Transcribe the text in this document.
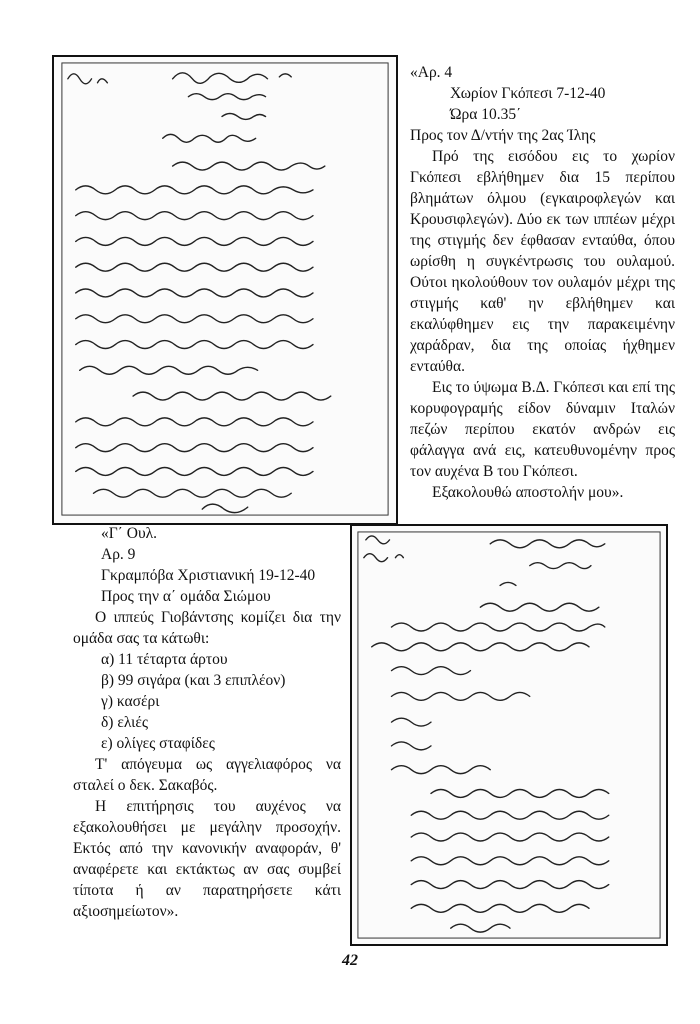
«Αρ. 4

Χωρίον Γκόπεσι 7-12-40

Ώρα 10.35΄

Προς τον Δ/ντήν της 2ας Ίλης

Πρό της εισόδου εις το χωρίον Γκόπεσι εβλήθημεν δια 15 περίπου βλημάτων όλμου (εγκαιροφλεγών και Κρουσιφλεγών). Δύο εκ των ιππέων μέχρι της στιγμής δεν έφθασαν ενταύθα, όπου ωρίσθη η συγκέντρωσις του ουλαμού. Ούτοι ηκολούθουν τον ουλαμόν μέχρι της στιγμής καθ' ην εβλήθημεν και εκαλύφθημεν εις την παρακειμένην χαράδραν, δια της οποίας ήχθημεν ενταύθα.

Εις το ύψωμα Β.Δ. Γκόπεσι και επί της κορυφογραμής είδον δύναμιν Ιταλών πεζών περίπου εκατόν ανδρών εις φάλαγγα ανά εις, κατευθυνομένην προς τον αυχένα Β του Γκόπεσι.

Εξακολουθώ αποστολήν μου».

«Γ΄ Ουλ.

Αρ. 9

Γκραμπόβα Χριστιανική 19-12-40

Προς την α΄ ομάδα Σιώμου

Ο ιππεύς Γιοβάντσης κομίζει δια την ομάδα σας τα κάτωθι:

α) 11 τέταρτα άρτου

β) 99 σιγάρα (και 3 επιπλέον)

γ) κασέρι

δ) ελιές

ε) ολίγες σταφίδες

Τ' απόγευμα ως αγγελιαφόρος να σταλεί ο δεκ. Σακαβός.

Η επιτήρησις του αυχένος να εξακολουθήσει με μεγάλην προσοχήν. Εκτός από την κανονικήν αναφοράν, θ' αναφέρετε και εκτάκτως αν σας συμβεί τίποτα ή αν παρατηρήσετε κάτι αξιοσημείωτον».

42
